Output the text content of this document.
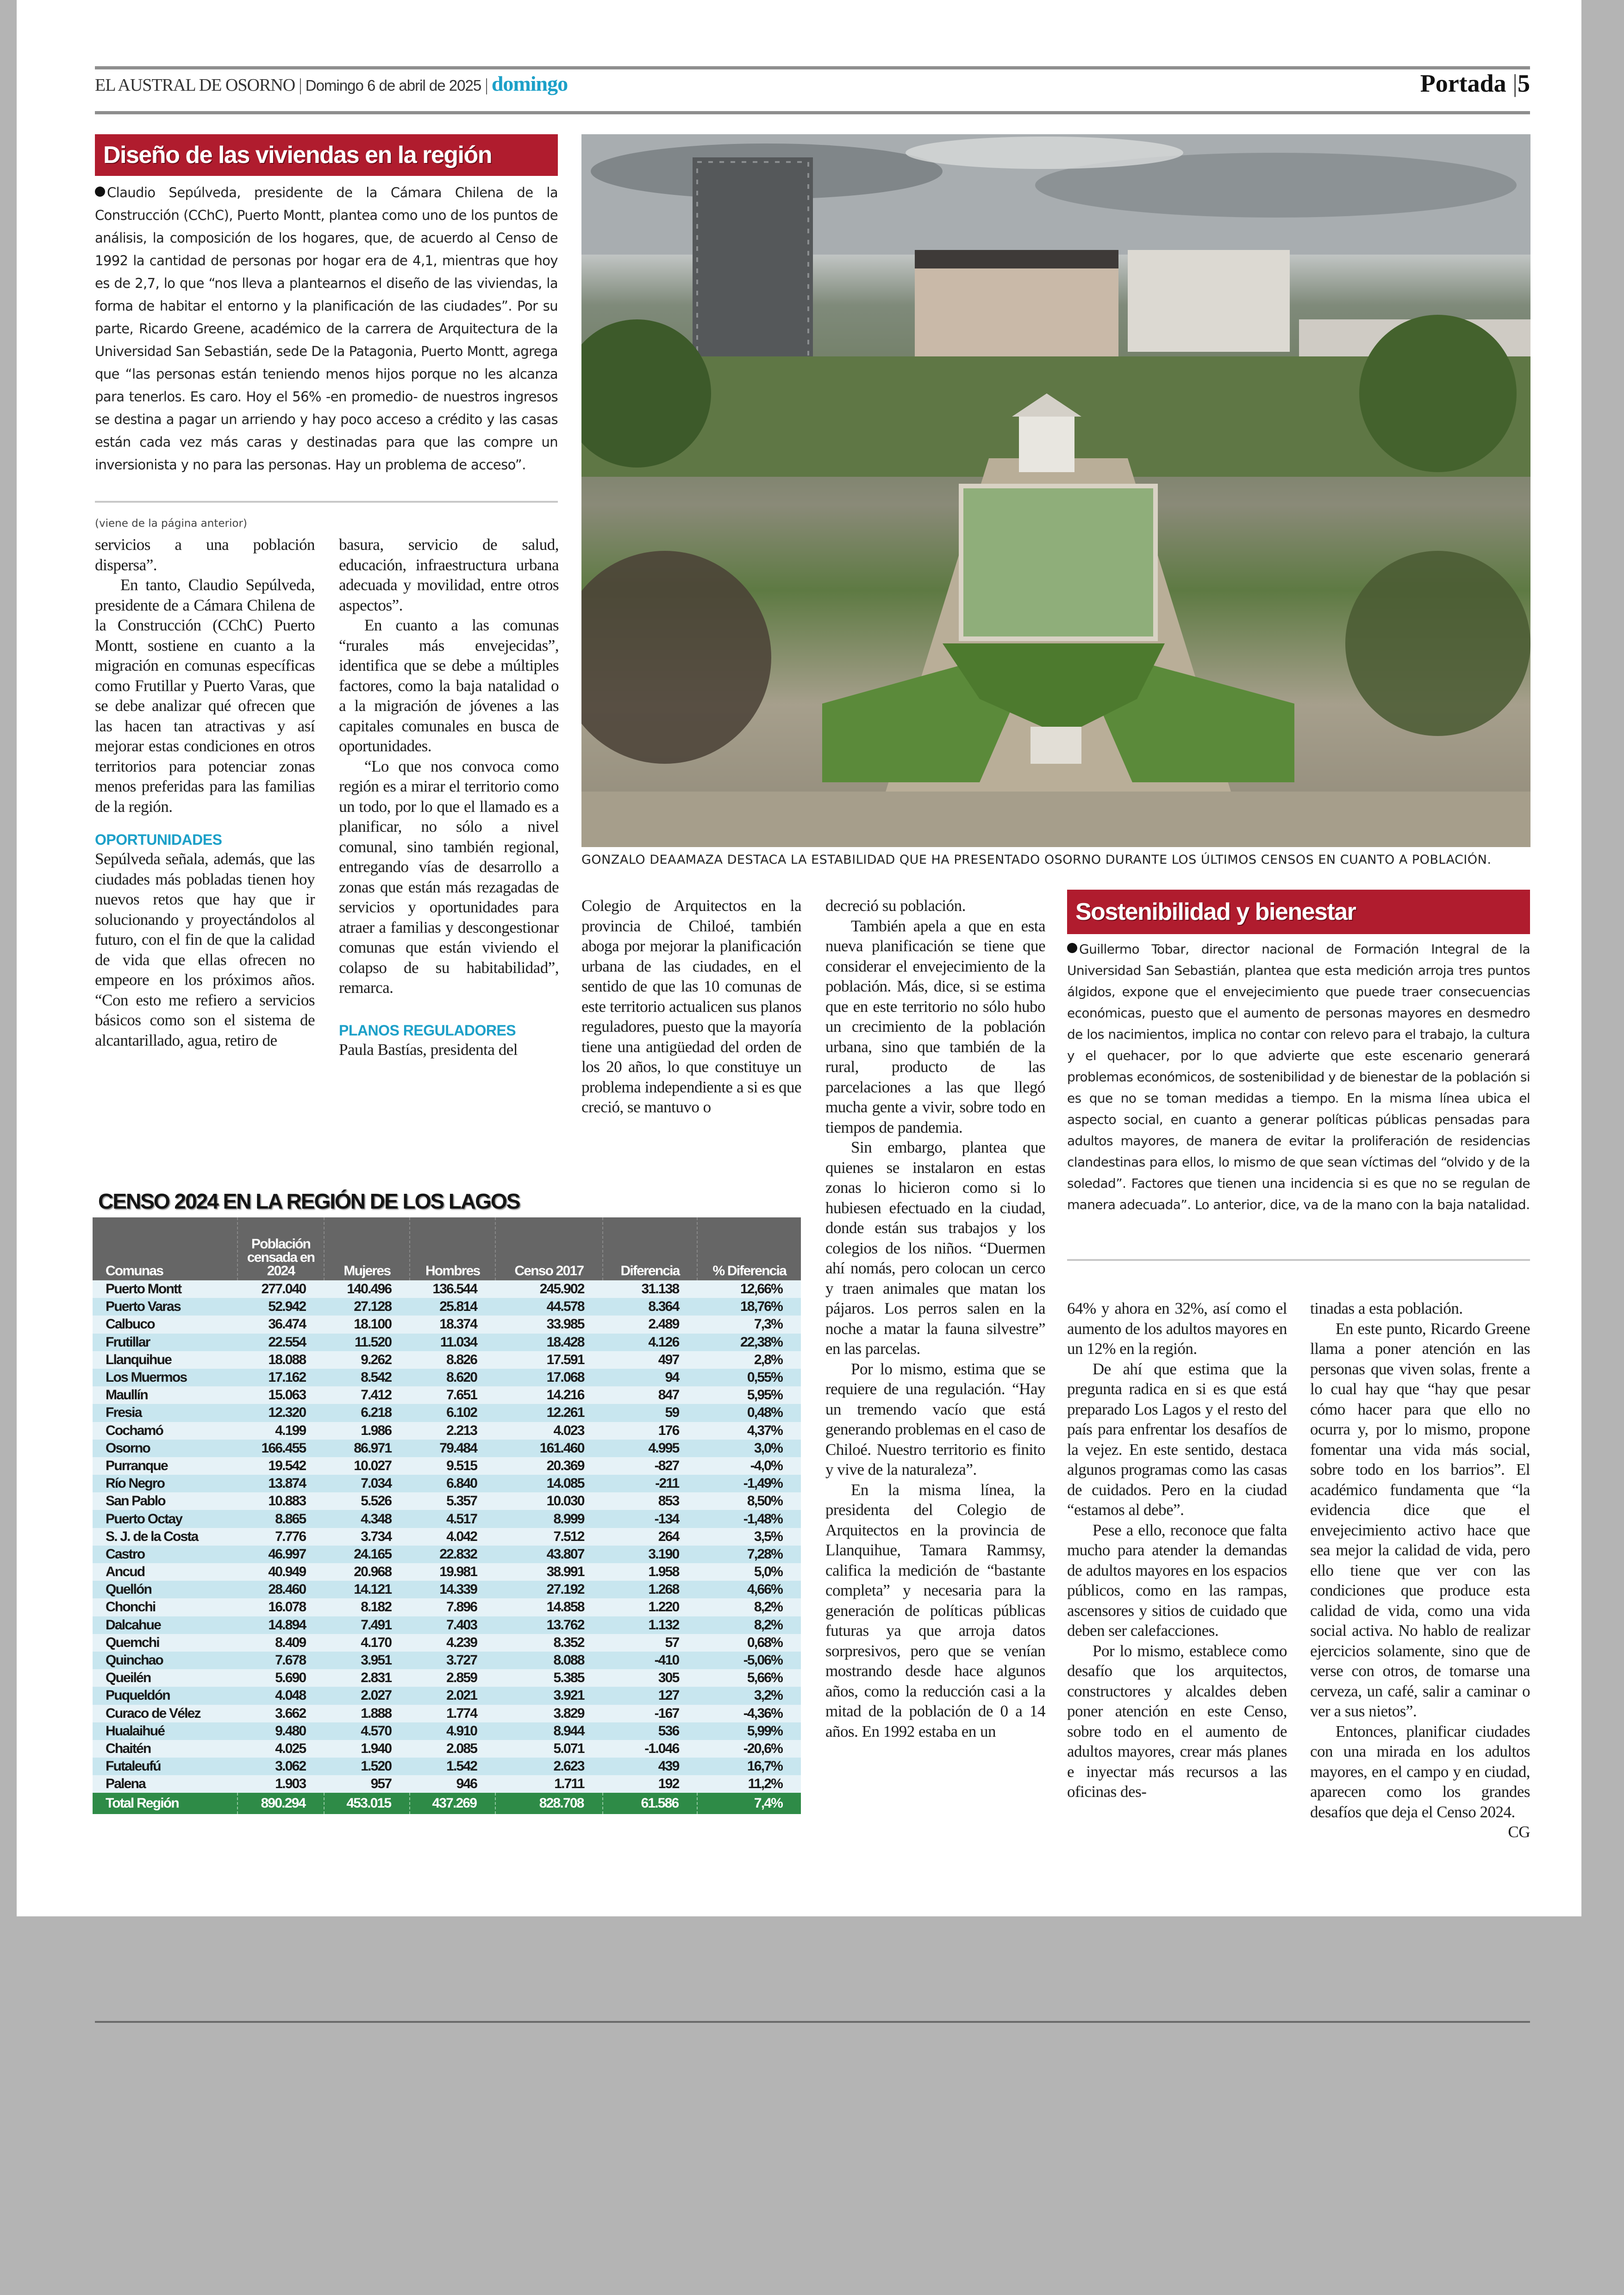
EL AUSTRAL DE OSORNO | Domingo 6 de abril de 2025 | domingo	Portada |5
Diseño de las viviendas en la región
Claudio Sepúlveda, presidente de la Cámara Chilena de la Construcción (CChC), Puerto Montt, plantea como uno de los puntos de análisis, la composición de los hogares, que, de acuerdo al Censo de 1992 la cantidad de personas por hogar era de 4,1, mientras que hoy es de 2,7, lo que “nos lleva a plantearnos el diseño de las viviendas, la forma de habitar el entorno y la planificación de las ciudades”. Por su parte, Ricardo Greene, académico de la carrera de Arquitectura de la Universidad San Sebastián, sede De la Patagonia, Puerto Montt, agrega que “las personas están teniendo menos hijos porque no les alcanza para tenerlos. Es caro. Hoy el 56% -en promedio- de nuestros ingresos se destina a pagar un arriendo y hay poco acceso a crédito y las casas están cada vez más caras y destinadas para que las compre un inversionista y no para las personas. Hay un problema de acceso”.
(viene de la página anterior)
GONZALO DEAAMAZA DESTACA LA ESTABILIDAD QUE HA PRESENTADO OSORNO DURANTE LOS ÚLTIMOS CENSOS EN CUANTO A POBLACIÓN.

servicios a una población dispersa”.

En tanto, Claudio Sepúlveda, presidente de a Cámara Chilena de la Construcción (CChC) Puerto Montt, sostiene en cuanto a la migración en comunas específicas como Frutillar y Puerto Varas, que se debe analizar qué ofrecen que las hacen tan atractivas y así mejorar estas condiciones en otros territorios para potenciar zonas menos preferidas para las familias de la región.

OPORTUNIDADES

Sepúlveda señala, además, que las ciudades más pobladas tienen hoy nuevos retos que hay que ir solucionando y proyectándolos al futuro, con el fin de que la calidad de vida que ellas ofrecen no empeore en los próximos años. “Con esto me refiero a servicios básicos como son el sistema de alcantarillado, agua, retiro de

basura, servicio de salud, educación, infraestructura urbana adecuada y movilidad, entre otros aspectos”.

En cuanto a las comunas “rurales más envejecidas”, identifica que se debe a múltiples factores, como la baja natalidad o a la migración de jóvenes a las capitales comunales en busca de oportunidades.

“Lo que nos convoca como región es a mirar el territorio como un todo, por lo que el llamado es a planificar, no sólo a nivel comunal, sino también regional, entregando vías de desarrollo a zonas que están más rezagadas de servicios y oportunidades para atraer a familias y descongestionar comunas que están viviendo el colapso de su habitabilidad”, remarca.

PLANOS REGULADORES

Paula Bastías, presidenta del

Colegio de Arquitectos en la provincia de Chiloé, también aboga por mejorar la planificación urbana de las ciudades, en el sentido de que las 10 comunas de este territorio actualicen sus planos reguladores, puesto que la mayoría tiene una antigüedad del orden de los 20 años, lo que constituye un problema independiente a si es que creció, se mantuvo o

decreció su población.

También apela a que en esta nueva planificación se tiene que considerar el envejecimiento de la población. Más, dice, si se estima que en este territorio no sólo hubo un crecimiento de la población urbana, sino que también de la rural, producto de las parcelaciones a las que llegó mucha gente a vivir, sobre todo en tiempos de pandemia.

Sin embargo, plantea que quienes se instalaron en estas zonas lo hicieron como si lo hubiesen efectuado en la ciudad, donde están sus trabajos y los colegios de los niños. “Duermen ahí nomás, pero colocan un cerco y traen animales que matan los pájaros. Los perros salen en la noche a matar la fauna silvestre” en las parcelas.

Por lo mismo, estima que se requiere de una regulación. “Hay un tremendo vacío que está generando problemas en el caso de Chiloé. Nuestro territorio es finito y vive de la naturaleza”.

En la misma línea, la presidenta del Colegio de Arquitectos en la provincia de Llanquihue, Tamara Rammsy, califica la medición de “bastante completa” y necesaria para la generación de políticas públicas futuras ya que arroja datos sorpresivos, pero que se venían mostrando desde hace algunos años, como la reducción casi a la mitad de la población de 0 a 14 años. En 1992 estaba en un

Sostenibilidad y bienestar
Guillermo Tobar, director nacional de Formación Integral de la Universidad San Sebastián, plantea que esta medición arroja tres puntos álgidos, expone que el envejecimiento que puede traer consecuencias económicas, puesto que el aumento de personas mayores en desmedro de los nacimientos, implica no contar con relevo para el trabajo, la cultura y el quehacer, por lo que advierte que este escenario generará problemas económicos, de sostenibilidad y de bienestar de la población si es que no se toman medidas a tiempo. En la misma línea ubica el aspecto social, en cuanto a generar políticas públicas pensadas para adultos mayores, de manera de evitar la proliferación de residencias clandestinas para ellos, lo mismo de que sean víctimas del “olvido y de la soledad”. Factores que tienen una incidencia si es que no se regulan de manera adecuada”. Lo anterior, dice, va de la mano con la baja natalidad.

64% y ahora en 32%, así como el aumento de los adultos mayores en un 12% en la región.

De ahí que estima que la pregunta radica en si es que está preparado Los Lagos y el resto del país para enfrentar los desafíos de la vejez. En este sentido, destaca algunos programas como las casas de cuidados. Pero en la ciudad “estamos al debe”.

Pese a ello, reconoce que falta mucho para atender la demandas de adultos mayores en los espacios públicos, como en las rampas, ascensores y sitios de cuidado que deben ser calefacciones.

Por lo mismo, establece como desafío que los arquitectos, constructores y alcaldes deben poner atención en este Censo, sobre todo en el aumento de adultos mayores, crear más planes e inyectar más recursos a las oficinas des-

tinadas a esta población.

En este punto, Ricardo Greene llama a poner atención en las personas que viven solas, frente a lo cual hay que “hay que pesar cómo hacer para que ello no ocurra y, por lo mismo, propone fomentar una vida más social, sobre todo en los barrios”. El académico fundamenta que “la evidencia dice que el envejecimiento activo hace que sea mejor la calidad de vida, pero ello tiene que ver con las condiciones que produce esta calidad de vida, como una vida social activa. No hablo de realizar ejercicios solamente, sino que de verse con otros, de tomarse una cerveza, un café, salir a caminar o ver a sus nietos”.

Entonces, planificar ciudades con una mirada en los adultos mayores, en el campo y en ciudad, aparecen como los grandes desafíos que deja el Censo 2024.
CG

CENSO 2024 EN LA REGIÓN DE LOS LAGOS
Comunas	Población censada en 2024	Mujeres	Hombres	Censo 2017	Diferencia	% Diferencia
Puerto Montt	277.040	140.496	136.544	245.902	31.138	12,66%
Puerto Varas	52.942	27.128	25.814	44.578	8.364	18,76%
Calbuco	36.474	18.100	18.374	33.985	2.489	7,3%
Frutillar	22.554	11.520	11.034	18.428	4.126	22,38%
Llanquihue	18.088	9.262	8.826	17.591	497	2,8%
Los Muermos	17.162	8.542	8.620	17.068	94	0,55%
Maullín	15.063	7.412	7.651	14.216	847	5,95%
Fresia	12.320	6.218	6.102	12.261	59	0,48%
Cochamó	4.199	1.986	2.213	4.023	176	4,37%
Osorno	166.455	86.971	79.484	161.460	4.995	3,0%
Purranque	19.542	10.027	9.515	20.369	-827	-4,0%
Río Negro	13.874	7.034	6.840	14.085	-211	-1,49%
San Pablo	10.883	5.526	5.357	10.030	853	8,50%
Puerto Octay	8.865	4.348	4.517	8.999	-134	-1,48%
S. J. de la Costa	7.776	3.734	4.042	7.512	264	3,5%
Castro	46.997	24.165	22.832	43.807	3.190	7,28%
Ancud	40.949	20.968	19.981	38.991	1.958	5,0%
Quellón	28.460	14.121	14.339	27.192	1.268	4,66%
Chonchi	16.078	8.182	7.896	14.858	1.220	8,2%
Dalcahue	14.894	7.491	7.403	13.762	1.132	8,2%
Quemchi	8.409	4.170	4.239	8.352	57	0,68%
Quinchao	7.678	3.951	3.727	8.088	-410	-5,06%
Queilén	5.690	2.831	2.859	5.385	305	5,66%
Puqueldón	4.048	2.027	2.021	3.921	127	3,2%
Curaco de Vélez	3.662	1.888	1.774	3.829	-167	-4,36%
Hualaihué	9.480	4.570	4.910	8.944	536	5,99%
Chaitén	4.025	1.940	2.085	5.071	-1.046	-20,6%
Futaleufú	3.062	1.520	1.542	2.623	439	16,7%
Palena	1.903	957	946	1.711	192	11,2%
Total Región	890.294	453.015	437.269	828.708	61.586	7,4%
